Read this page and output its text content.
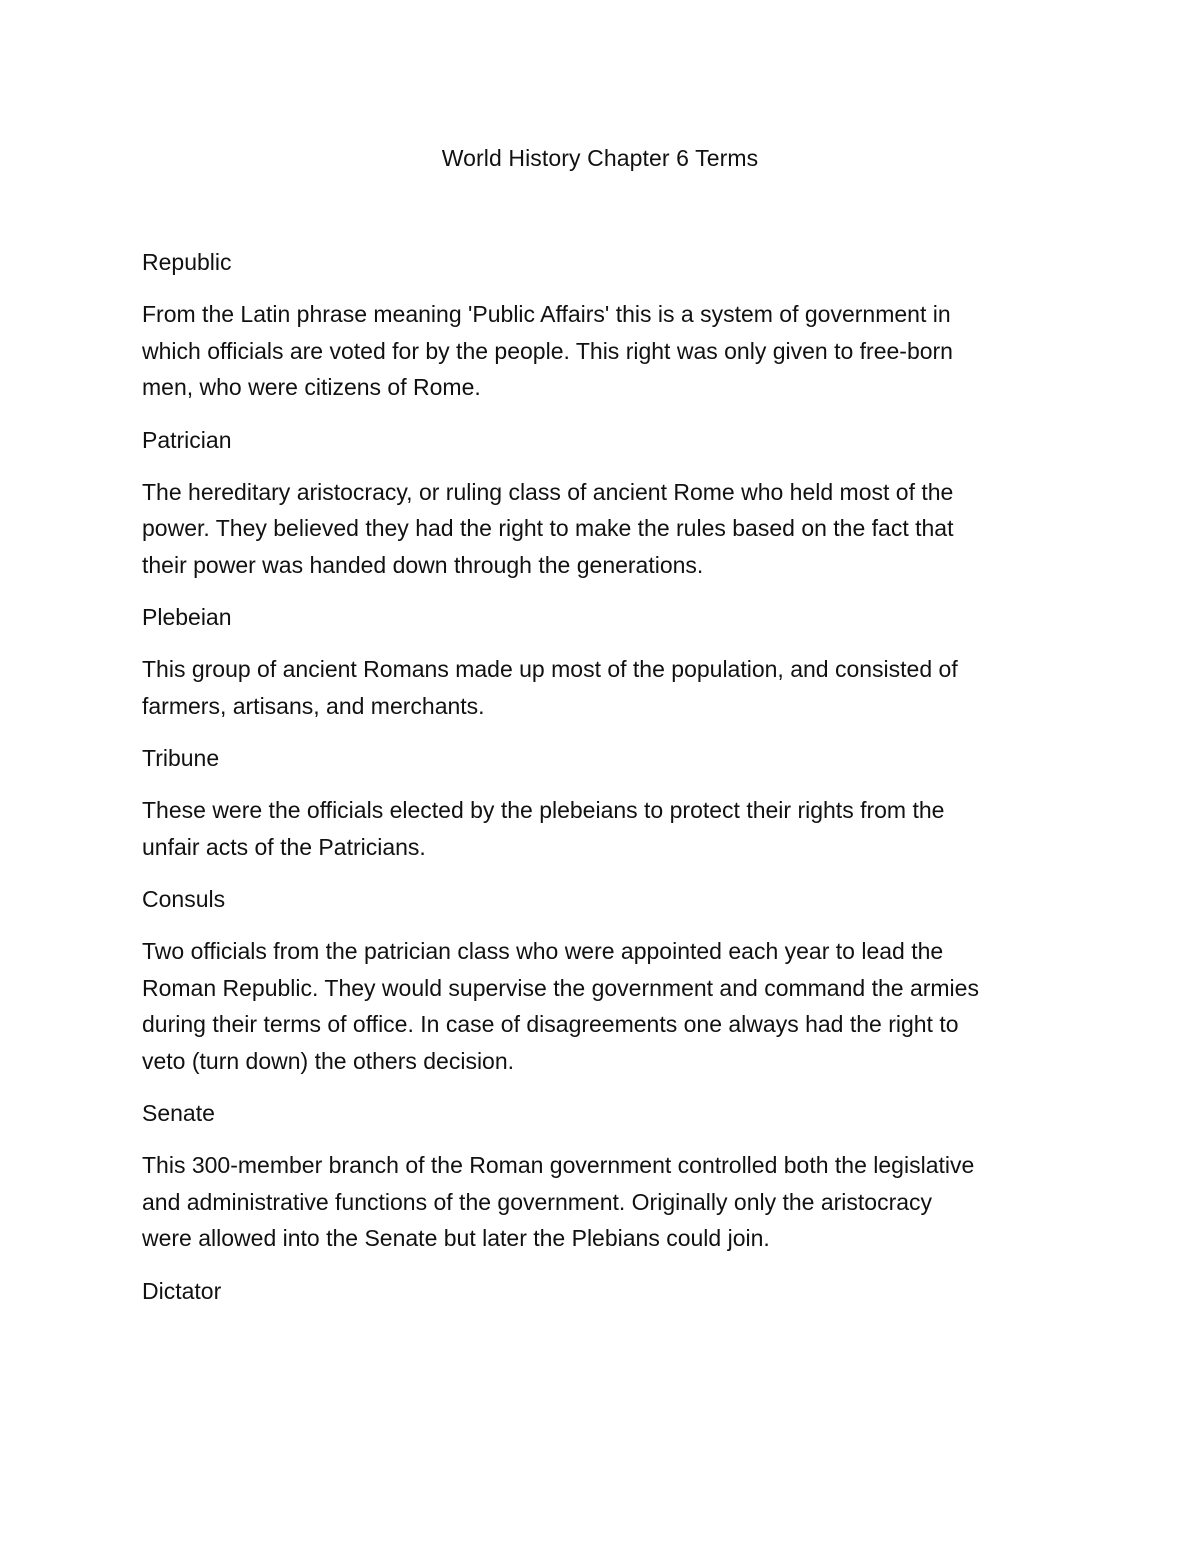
World History Chapter 6 Terms
Republic
From the Latin phrase meaning 'Public Affairs' this is a system of government in
which officials are voted for by the people. This right was only given to free-born
men, who were citizens of Rome.
Patrician
The hereditary aristocracy, or ruling class of ancient Rome who held most of the
power. They believed they had the right to make the rules based on the fact that
their power was handed down through the generations.
Plebeian
This group of ancient Romans made up most of the population, and consisted of
farmers, artisans, and merchants.
Tribune
These were the officials elected by the plebeians to protect their rights from the
unfair acts of the Patricians.
Consuls
Two officials from the patrician class who were appointed each year to lead the
Roman Republic. They would supervise the government and command the armies
during their terms of office. In case of disagreements one always had the right to
veto (turn down) the others decision.
Senate
This 300-member branch of the Roman government controlled both the legislative
and administrative functions of the government. Originally only the aristocracy
were allowed into the Senate but later the Plebians could join.
Dictator
